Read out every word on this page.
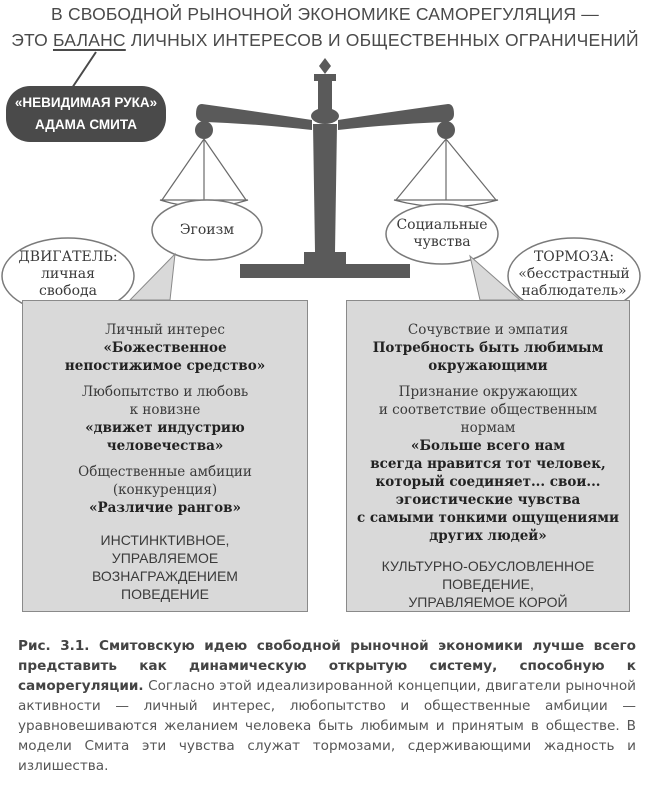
В СВОБОДНОЙ РЫНОЧНОЙ ЭКОНОМИКЕ САМОРЕГУЛЯЦИЯ —
ЭТО БАЛАНС ЛИЧНЫХ ИНТЕРЕСОВ И ОБЩЕСТВЕННЫХ ОГРАНИЧЕНИЙ
«НЕВИДИМАЯ РУКА»
АДАМА СМИТА
Эгоизм	Социальные
чувства
ДВИГАТЕЛЬ:
личная
свобода
ТОРМОЗА:
«бесстрастный
наблюдатель»
Личный интерес
«Божественное
непостижимое средство»
Любопытство и любовь
к новизне
«движет индустрию
человечества»
Общественные амбиции
(конкуренция)
«Различие рангов»
ИНСТИНКТИВНОЕ,
УПРАВЛЯЕМОЕ
ВОЗНАГРАЖДЕНИЕМ
ПОВЕДЕНИЕ
Сочувствие и эмпатия
Потребность быть любимым
окружающими
Признание окружающих
и соответствие общественным
нормам
«Больше всего нам
всегда нравится тот человек,
который соединяет... свои...
эгоистические чувства
с самыми тонкими ощущениями
других людей»
КУЛЬТУРНО-ОБУСЛОВЛЕННОЕ
ПОВЕДЕНИЕ,
УПРАВЛЯЕМОЕ КОРОЙ
Рис. 3.1. Смитовскую идею свободной рыночной экономики лучше всего представить как динамическую открытую систему, способную к саморегуляции. Согласно этой идеализированной концепции, двигатели рыночной активности — личный интерес, любопытство и общественные амбиции — уравновешиваются желанием человека быть любимым и принятым в обществе. В модели Смита эти чувства служат тормозами, сдерживающими жадность и излишества.
